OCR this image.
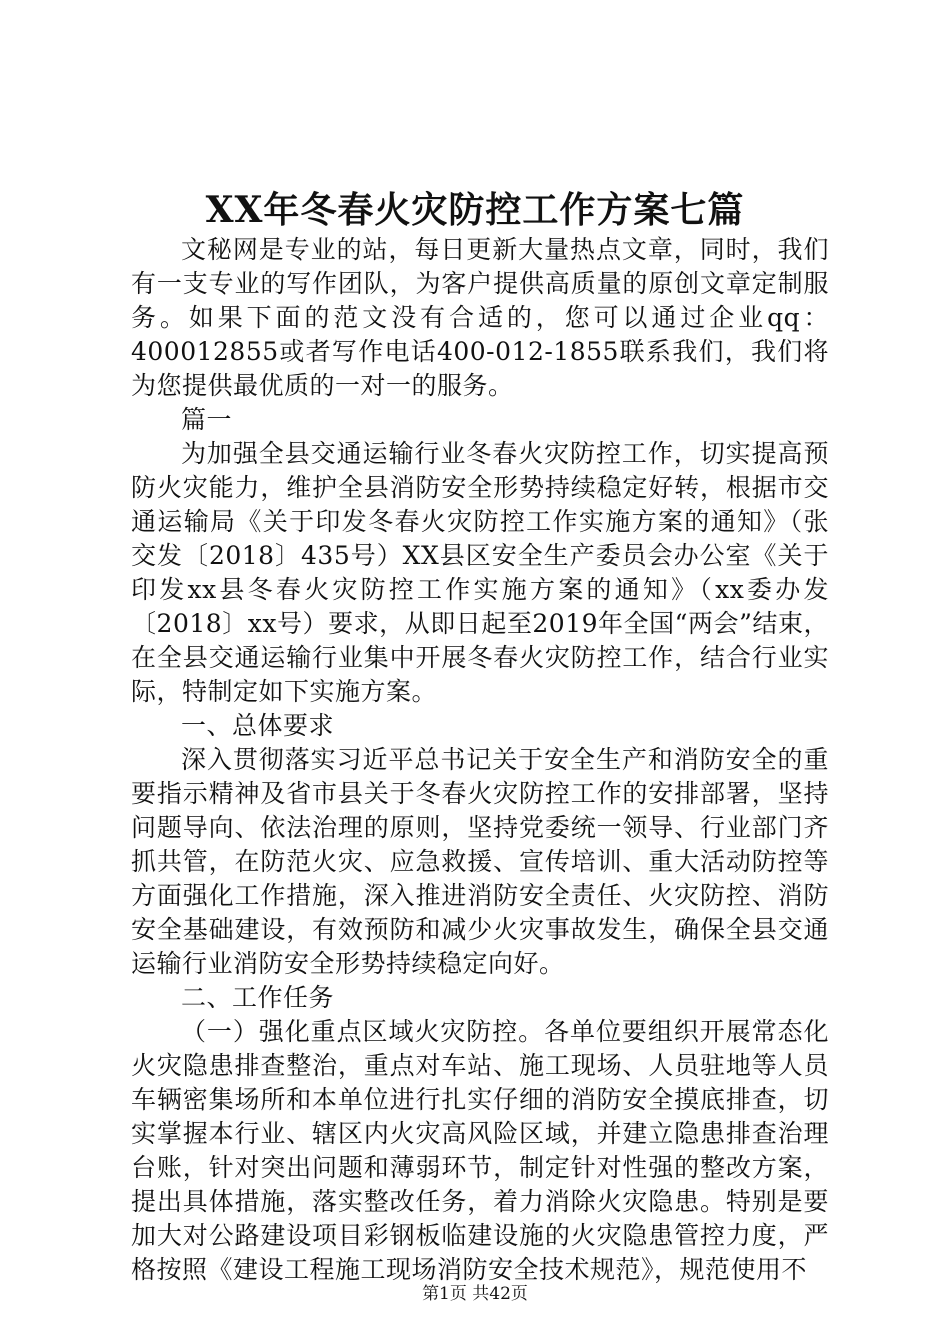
XX年冬春火灾防控工作方案七篇

文秘网是专业的站，每日更新大量热点文章，同时，我们有一支专业的写作团队，为客户提供高质量的原创文章定制服务。如果下面的范文没有合适的，您可以通过企业qq：400012855或者写作电话400-012-1855联系我们，我们将为您提供最优质的一对一的服务。

篇一

为加强全县交通运输行业冬春火灾防控工作，切实提高预防火灾能力，维护全县消防安全形势持续稳定好转，根据市交通运输局《关于印发冬春火灾防控工作实施方案的通知》（张交发〔2018〕435号）XX县区安全生产委员会办公室《关于印发xx县冬春火灾防控工作实施方案的通知》（xx委办发〔2018〕xx号）要求，从即日起至2019年全国“两会”结束，在全县交通运输行业集中开展冬春火灾防控工作，结合行业实际，特制定如下实施方案。

一、总体要求

深入贯彻落实习近平总书记关于安全生产和消防安全的重要指示精神及省市县关于冬春火灾防控工作的安排部署，坚持问题导向、依法治理的原则，坚持党委统一领导、行业部门齐抓共管，在防范火灾、应急救援、宣传培训、重大活动防控等方面强化工作措施，深入推进消防安全责任、火灾防控、消防安全基础建设，有效预防和减少火灾事故发生，确保全县交通运输行业消防安全形势持续稳定向好。

二、工作任务

（一）强化重点区域火灾防控。各单位要组织开展常态化火灾隐患排查整治，重点对车站、施工现场、人员驻地等人员车辆密集场所和本单位进行扎实仔细的消防安全摸底排查，切实掌握本行业、辖区内火灾高风险区域，并建立隐患排查治理台账，针对突出问题和薄弱环节，制定针对性强的整改方案，提出具体措施，落实整改任务，着力消除火灾隐患。特别是要加大对公路建设项目彩钢板临建设施的火灾隐患管控力度，严格按照《建设工程施工现场消防安全技术规范》，规范使用不

第1页 共42页
